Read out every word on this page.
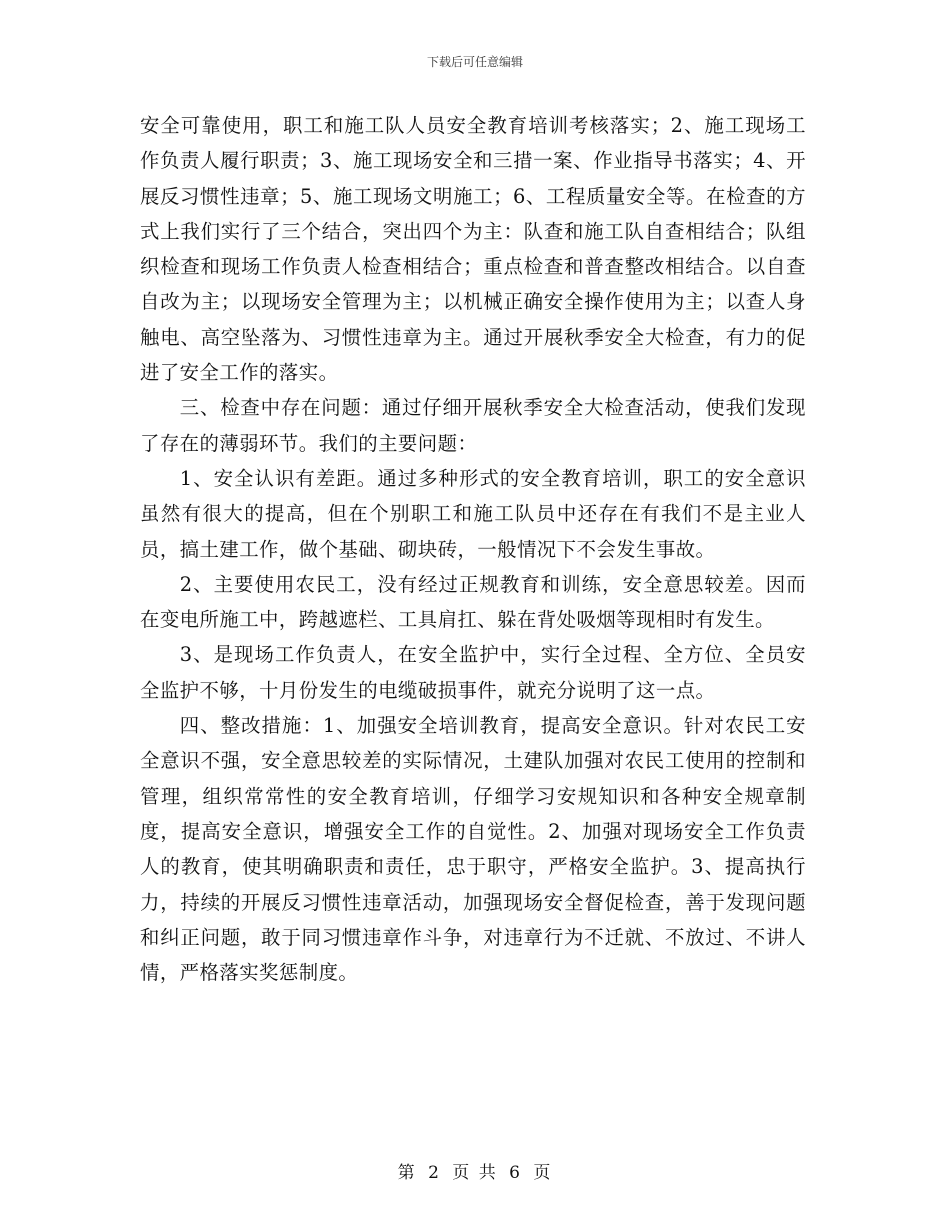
下载后可任意编辑

安全可靠使用，职工和施工队人员安全教育培训考核落实；2、施工现场工作负责人履行职责；3、施工现场安全和三措一案、作业指导书落实；4、开展反习惯性违章；5、施工现场文明施工；6、工程质量安全等。在检查的方式上我们实行了三个结合，突出四个为主：队查和施工队自查相结合；队组织检查和现场工作负责人检查相结合；重点检查和普查整改相结合。以自查自改为主；以现场安全管理为主；以机械正确安全操作使用为主；以查人身触电、高空坠落为、习惯性违章为主。通过开展秋季安全大检查，有力的促进了安全工作的落实。

三、检查中存在问题：通过仔细开展秋季安全大检查活动，使我们发现了存在的薄弱环节。我们的主要问题：

1、安全认识有差距。通过多种形式的安全教育培训，职工的安全意识虽然有很大的提高，但在个别职工和施工队员中还存在有我们不是主业人员，搞土建工作，做个基础、砌块砖，一般情况下不会发生事故。

2、主要使用农民工，没有经过正规教育和训练，安全意思较差。因而在变电所施工中，跨越遮栏、工具肩扛、躲在背处吸烟等现相时有发生。

3、是现场工作负责人，在安全监护中，实行全过程、全方位、全员安全监护不够，十月份发生的电缆破损事件，就充分说明了这一点。

四、整改措施：1、加强安全培训教育，提高安全意识。针对农民工安全意识不强，安全意思较差的实际情况，土建队加强对农民工使用的控制和管理，组织常常性的安全教育培训，仔细学习安规知识和各种安全规章制度，提高安全意识，增强安全工作的自觉性。2、加强对现场安全工作负责人的教育，使其明确职责和责任，忠于职守，严格安全监护。3、提高执行力，持续的开展反习惯性违章活动，加强现场安全督促检查，善于发现问题和纠正问题，敢于同习惯违章作斗争，对违章行为不迁就、不放过、不讲人情，严格落实奖惩制度。

第 2 页 共 6 页
